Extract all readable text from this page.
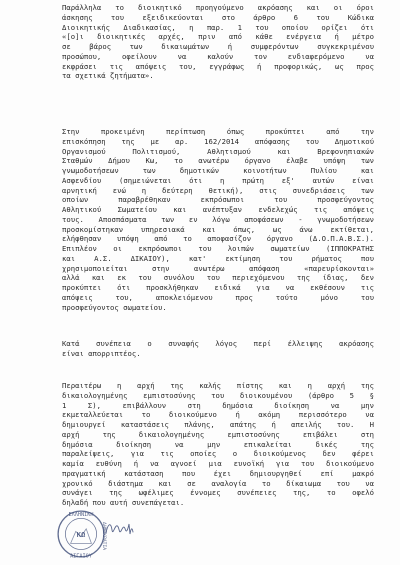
Παράλληλα το διοικητικό προηγούμενο ακρόασης και οι όροι
άσκησης του εξειδικεύονται στο άρθρο 6 του Κώδικα
Διοικητικής Διαδικασίας, η παρ. 1 του οποίου ορίζει ότι
«[ο]ι διοικητικές αρχές, πριν από κάθε ενέργεια ή μέτρο
σε βάρος των δικαιωμάτων ή συμφερόντων συγκεκριμένου
προσώπου, οφείλουν να καλούν τον ενδιαφερόμενο να
εκφράσει τις απόψεις του, εγγράφως ή προφορικώς, ως προς
τα σχετικά ζητήματα».
Στην προκειμένη περίπτωση όπως προκύπτει από την
επισκόπηση της με αρ. 162/2014 απόφασης του Δημοτικού
Οργανισμού Πολιτισμού, Αθλητισμού και Βρεφονηπιακών
Σταθμών Δήμου Κω, το ανωτέρω όργανο έλαβε υπόψη των
γνωμοδοτήσεων των δημοτικών κοινοτήτων Πυλίου και
Ασφενδίου (σημειώνεται ότι η πρώτη εξ' αυτών είναι
αρνητική ενώ η δεύτερη θετική), στις συνεδριάσεις των
οποίων παραβρέθηκαν εκπρόσωποι του προσφεύγοντος
Αθλητικού Σωματείου και ανέπτυξαν ενδελεχώς τις απόψεις
τους. Αποσπάσματα των εν λόγω αποφάσεων - γνωμοδοτήσεων
προσκομίστηκαν υπηρεσιακά και όπως, ως άνω εκτίθεται,
ελήφθησαν υπόψη από το αποφασίζον όργανο (Δ.Ο.Π.Α.Β.Σ.).
Επιπλέον οι εκπρόσωποι του λοιπών σωματείων (ΙΠΠΟΚΡΑΤΗΣ
και Α.Σ. ΔΙΚΑΙΟΥ), κατ' εκτίμηση του ρήματος που
χρησιμοποιείται στην ανωτέρω απόφαση «παρευρίσκονται»
αλλά και εκ του συνόλου του περιεχόμενου της ίδιας, δεν
προκύπτει ότι προσκλήθηκαν ειδικά για να εκθέσουν τις
απόψεις του, αποκλειόμενου προς τούτο μόνο του
προσφεύγοντος σωματείου.
Κατά συνέπεια ο συναφής λόγος περί έλλειψης ακρόασης
είναι απορριπτέος.
Περαιτέρω η αρχή της καλής πίστης και η αρχή της
δικαιολογημένης εμπιστοσύνης του διοικουμένου (άρθρο 5 §
1 Σ), επιβάλλουν στη δημόσια διοίκηση να μην
εκμεταλλεύεται το διοικούμενο ή ακόμη περισσότερο να
δημιουργεί καταστάσεις πλάνης, απάτης ή απειλής του. Η
αρχή της δικαιολογημένης εμπιστοσύνης επιβάλει στη
δημόσια διοίκηση να μην επικαλείται δικές της
παραλείψεις, για τις οποίες ο διοικούμενος δεν φέρει
καμία ευθύνη ή να αγνοεί μια ευνοϊκή για του διοικούμενο
πραγματική κατάσταση που έχει δημιουργηθεί επί μακρό
χρονικό διάστημα και σε αναλογία το δίκαιωμα του να
συνάγει της ωφέλιμες έννομες συνέπειες της, το οφελό
δηλαδή που αυτή συνεπάγεται.
ΕΛΛΗΝΙΚΗ
ΔΗΜΟΚΡΑΤΙΑ
ΑΙΓΑΙΟΥ
ΚΩ
